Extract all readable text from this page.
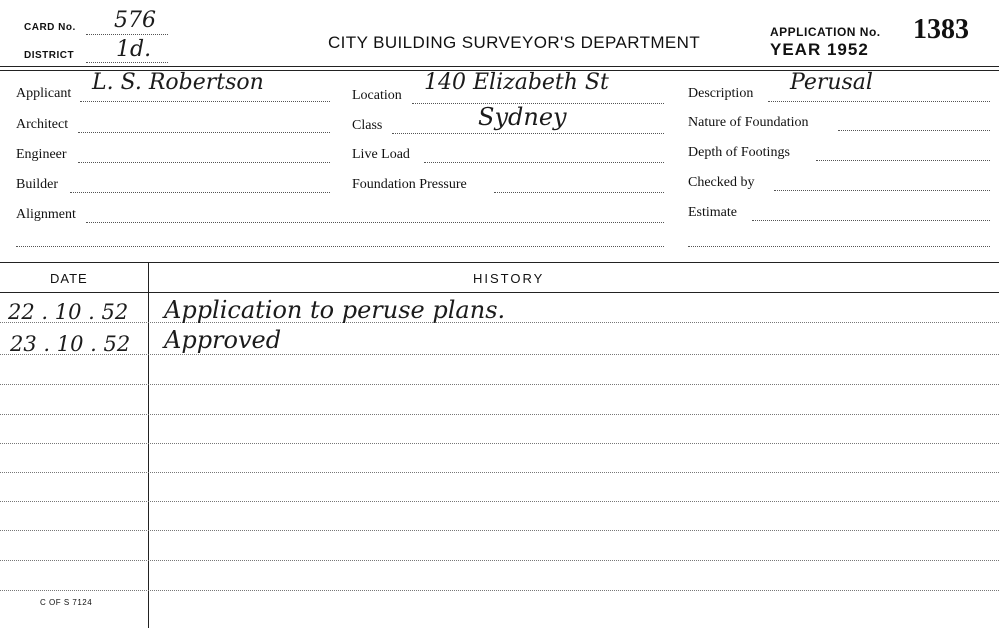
CARD No. 576
DISTRICT 1d.	CITY BUILDING SURVEYOR'S DEPARTMENT
APPLICATION No. 1383
YEAR 1952
Applicant L. S. Robertson
Architect
Engineer
Builder
Alignment
Location
140 Elizabeth St
Class	Sydney
Live Load
Foundation Pressure
Description Perusal
Nature of Foundation
Depth of Footings
Checked by
Estimate
DATE	HISTORY
22 . 10 . 52 Application to peruse plans.
23 . 10 . 52 Approved
C OF S 7124
